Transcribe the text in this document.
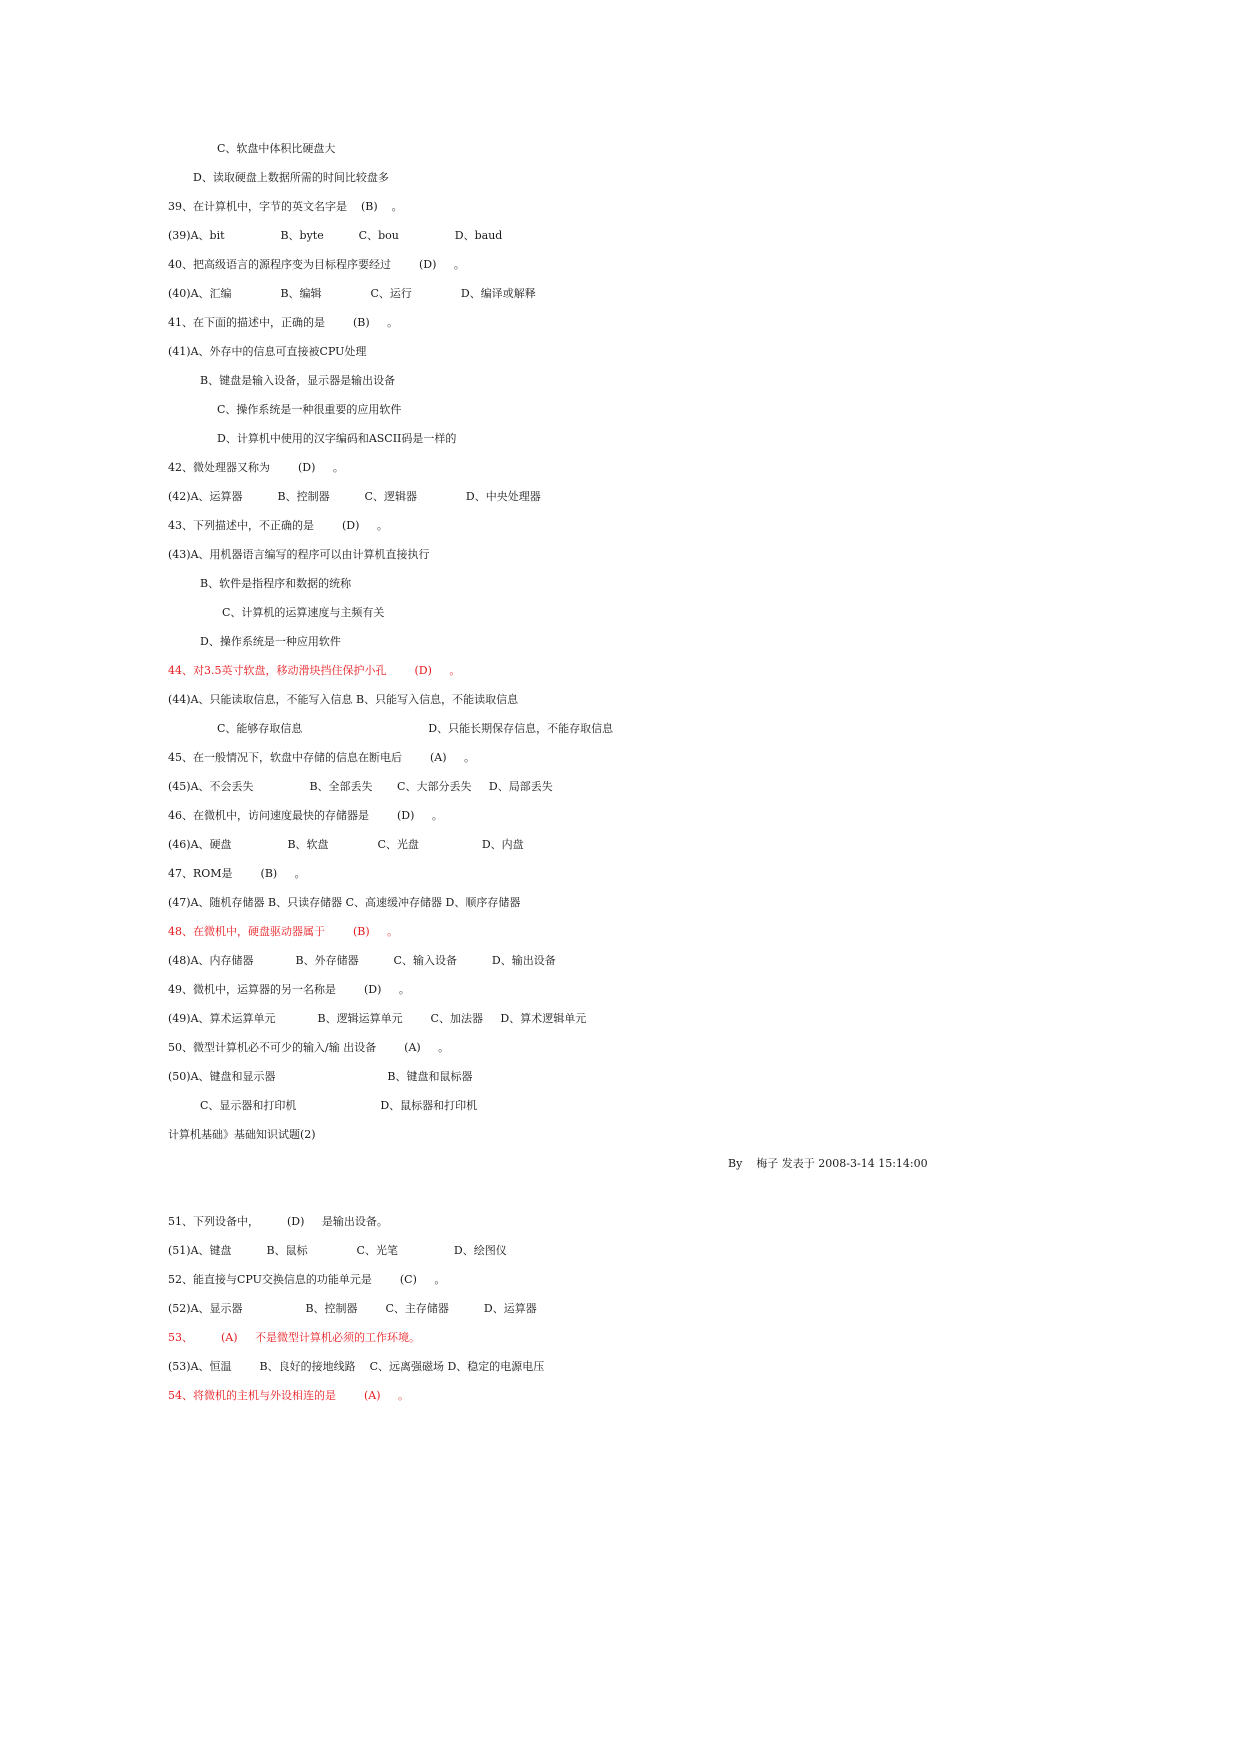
C、软盘中体积比硬盘大
D、读取硬盘上数据所需的时间比较盘多
39、在计算机中，字节的英文名字是    (B)    。
(39)A、bit                B、byte          C、bou                D、baud
40、把高级语言的源程序变为目标程序要经过        (D)     。
(40)A、汇编              B、编辑              C、运行              D、编译或解释
41、在下面的描述中，正确的是        (B)     。
(41)A、外存中的信息可直接被CPU处理
B、键盘是输入设备，显示器是输出设备
C、操作系统是一种很重要的应用软件
D、计算机中使用的汉字编码和ASCII码是一样的
42、微处理器又称为        (D)     。
(42)A、运算器          B、控制器          C、逻辑器              D、中央处理器
43、下列描述中，不正确的是        (D)     。
(43)A、用机器语言编写的程序可以由计算机直接执行
B、软件是指程序和数据的统称
C、计算机的运算速度与主频有关
D、操作系统是一种应用软件
44、对3.5英寸软盘，移动滑块挡住保护小孔        (D)     。
(44)A、只能读取信息，不能写入信息 B、只能写入信息，不能读取信息
C、能够存取信息                                    D、只能长期保存信息，不能存取信息
45、在一般情况下，软盘中存储的信息在断电后        (A)     。
(45)A、不会丢失                B、全部丢失       C、大部分丢失     D、局部丢失
46、在微机中，访问速度最快的存储器是        (D)     。
(46)A、硬盘                B、软盘              C、光盘                  D、内盘
47、ROM是        (B)     。
(47)A、随机存储器 B、只读存储器 C、高速缓冲存储器 D、顺序存储器
48、在微机中，硬盘驱动器属于        (B)     。
(48)A、内存储器            B、外存储器          C、输入设备          D、输出设备
49、微机中，运算器的另一名称是        (D)     。
(49)A、算术运算单元            B、逻辑运算单元        C、加法器     D、算术逻辑单元
50、微型计算机必不可少的输入/输 出设备        (A)     。
(50)A、键盘和显示器                                B、键盘和鼠标器
C、显示器和打印机                        D、鼠标器和打印机
计算机基础》基础知识试题(2)
By    梅子 发表于 2008-3-14 15:14:00
51、下列设备中，        (D)     是输出设备。
(51)A、键盘          B、鼠标              C、光笔                D、绘图仪
52、能直接与CPU交换信息的功能单元是        (C)     。
(52)A、显示器                  B、控制器        C、主存储器          D、运算器
53、        (A)     不是微型计算机必须的工作环境。
(53)A、恒温        B、良好的接地线路    C、远离强磁场 D、稳定的电源电压
54、将微机的主机与外设相连的是        (A)     。
